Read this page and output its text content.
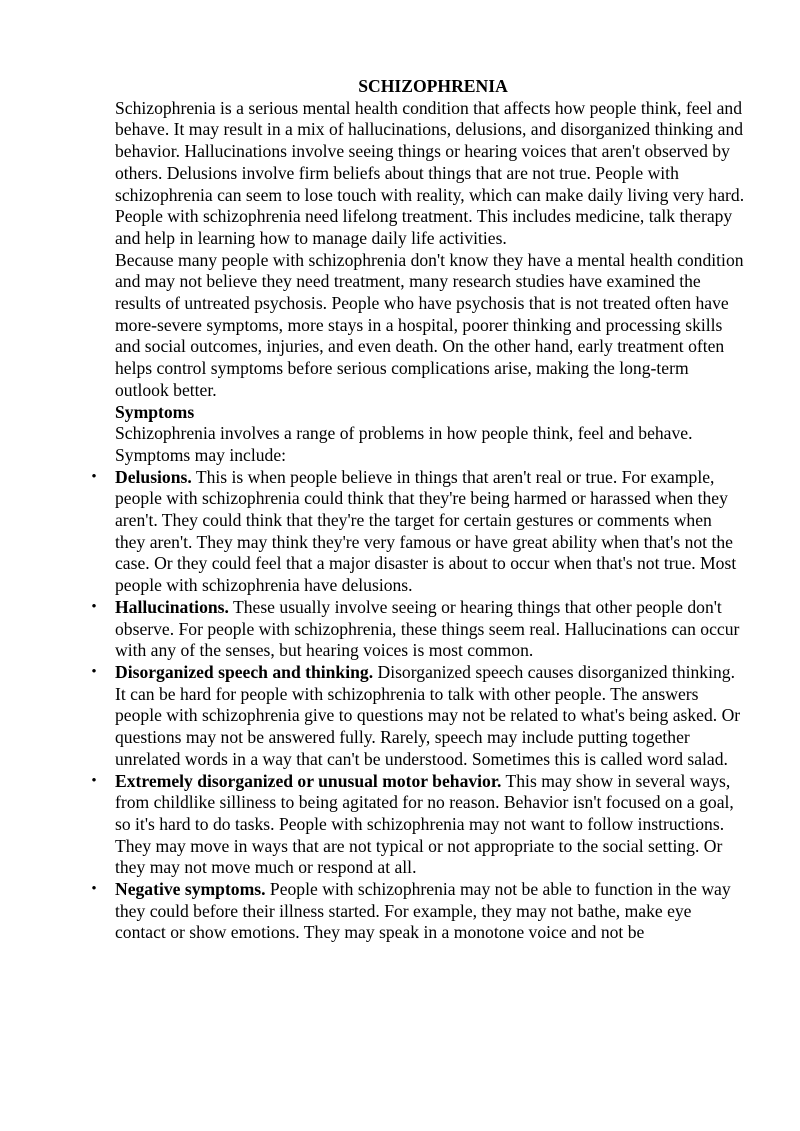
SCHIZOPHRENIA

Schizophrenia is a serious mental health condition that affects how people think, feel and behave. It may result in a mix of hallucinations, delusions, and disorganized thinking and behavior. Hallucinations involve seeing things or hearing voices that aren't observed by others. Delusions involve firm beliefs about things that are not true. People with schizophrenia can seem to lose touch with reality, which can make daily living very hard.

People with schizophrenia need lifelong treatment. This includes medicine, talk therapy and help in learning how to manage daily life activities.

Because many people with schizophrenia don't know they have a mental health condition and may not believe they need treatment, many research studies have examined the results of untreated psychosis. People who have psychosis that is not treated often have more-severe symptoms, more stays in a hospital, poorer thinking and processing skills and social outcomes, injuries, and even death. On the other hand, early treatment often helps control symptoms before serious complications arise, making the long-term outlook better.

Symptoms

Schizophrenia involves a range of problems in how people think, feel and behave. Symptoms may include:

• Delusions. This is when people believe in things that aren't real or true. For example, people with schizophrenia could think that they're being harmed or harassed when they aren't. They could think that they're the target for certain gestures or comments when they aren't. They may think they're very famous or have great ability when that's not the case. Or they could feel that a major disaster is about to occur when that's not true. Most people with schizophrenia have delusions.
• Hallucinations. These usually involve seeing or hearing things that other people don't observe. For people with schizophrenia, these things seem real. Hallucinations can occur with any of the senses, but hearing voices is most common.
• Disorganized speech and thinking. Disorganized speech causes disorganized thinking. It can be hard for people with schizophrenia to talk with other people. The answers people with schizophrenia give to questions may not be related to what's being asked. Or questions may not be answered fully. Rarely, speech may include putting together unrelated words in a way that can't be understood. Sometimes this is called word salad.
• Extremely disorganized or unusual motor behavior. This may show in several ways, from childlike silliness to being agitated for no reason. Behavior isn't focused on a goal, so it's hard to do tasks. People with schizophrenia may not want to follow instructions. They may move in ways that are not typical or not appropriate to the social setting. Or they may not move much or respond at all.
• Negative symptoms. People with schizophrenia may not be able to function in the way they could before their illness started. For example, they may not bathe, make eye contact or show emotions. They may speak in a monotone voice and not be
